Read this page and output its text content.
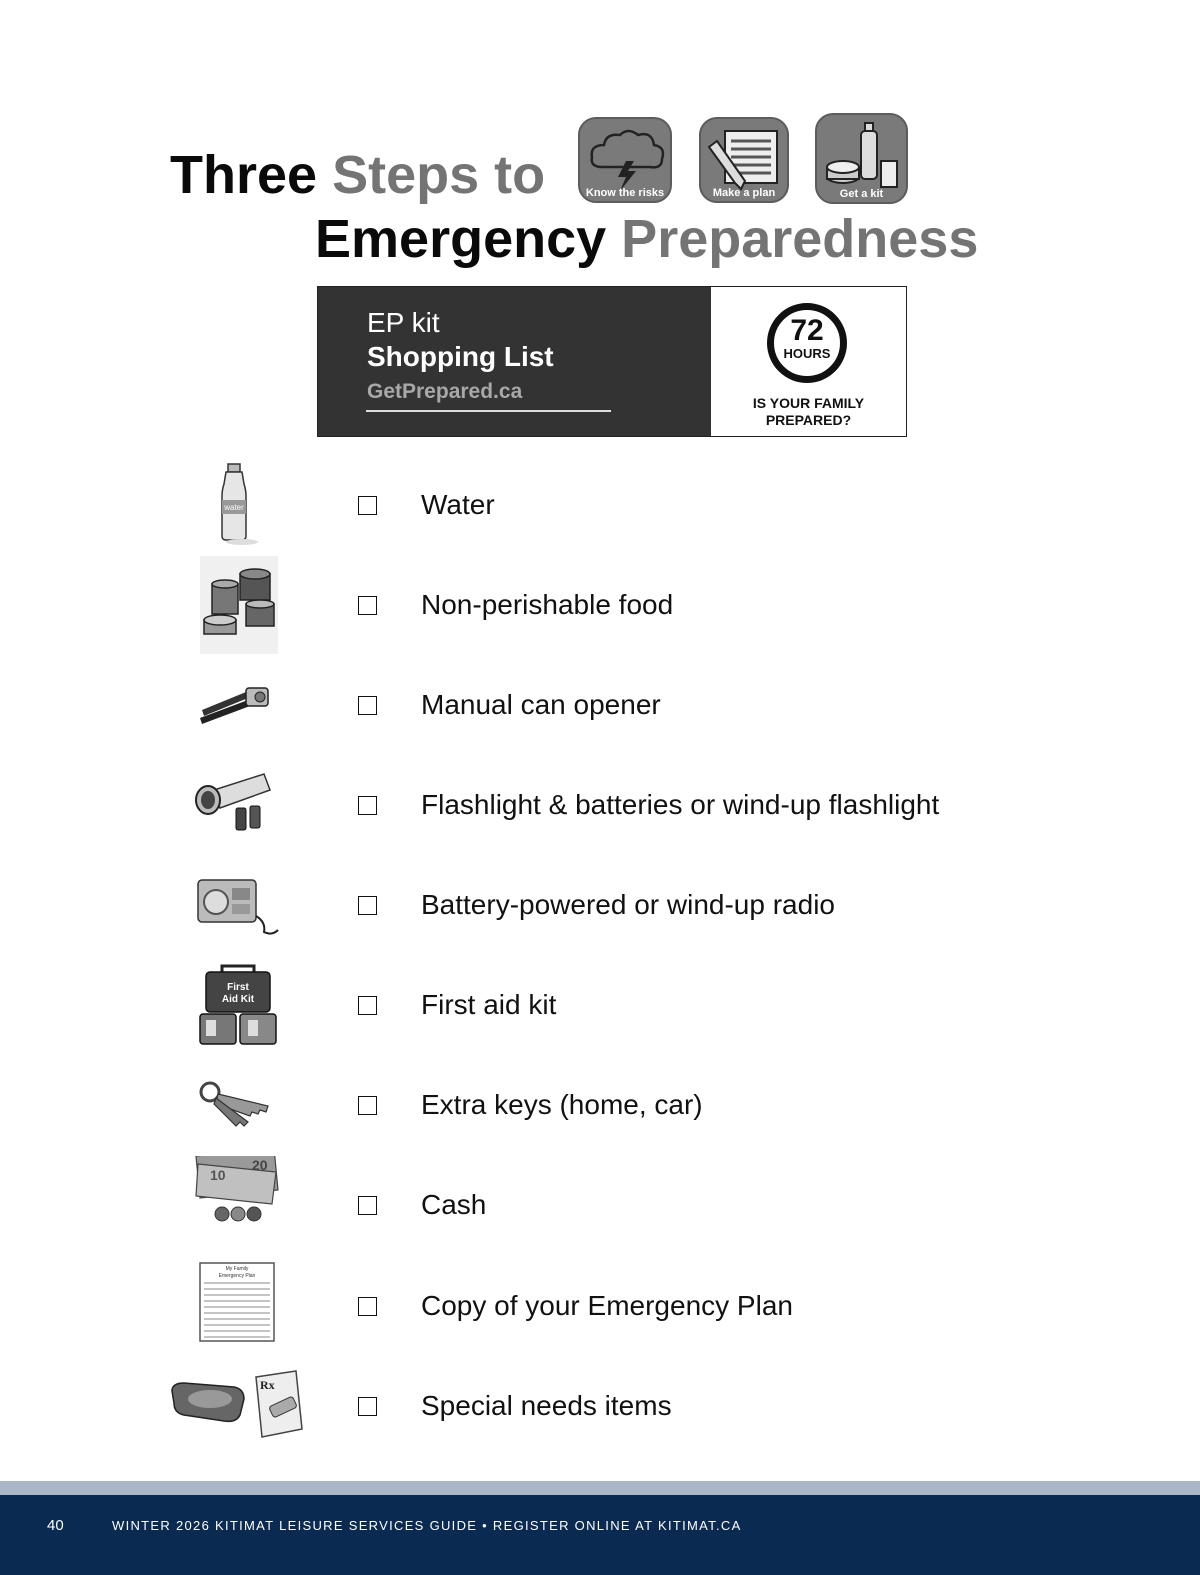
Three Steps to
Emergency Preparedness
Know the risks	Make a plan	Get a kit
EP kit
Shopping List
GetPrepared.ca
72
HOURS
IS YOUR FAMILY
PREPARED?
water	Water
Non-perishable food
Manual can opener
Flashlight & batteries or wind-up flashlight
Battery-powered or wind-up radio
First
Aid Kit	First aid kit
Extra keys (home, car)
10
20
Cash
My Family
Emergency Plan
Copy of your Emergency Plan
Rx
Special needs items
40	WINTER 2026 KITIMAT LEISURE SERVICES GUIDE • REGISTER ONLINE AT KITIMAT.CA
